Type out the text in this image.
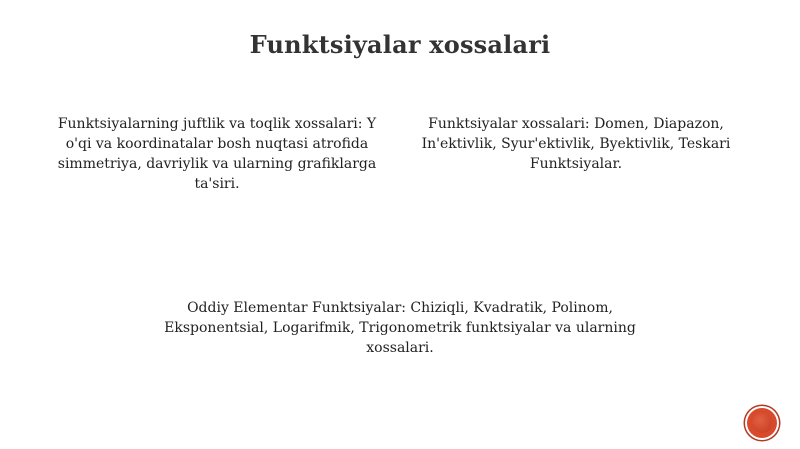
Funktsiyalar xossalari
Funktsiyalarning juftlik va toqlik xossalari: Y o'qi va koordinatalar bosh nuqtasi atrofida simmetriya, davriylik va ularning grafiklarga ta'siri.
Funktsiyalar xossalari: Domen, Diapazon, In'ektivlik, Syur'ektivlik, Byektivlik, Teskari Funktsiyalar.
Oddiy Elementar Funktsiyalar: Chiziqli, Kvadratik, Polinom, Eksponentsial, Logarifmik, Trigonometrik funktsiyalar va ularning xossalari.
